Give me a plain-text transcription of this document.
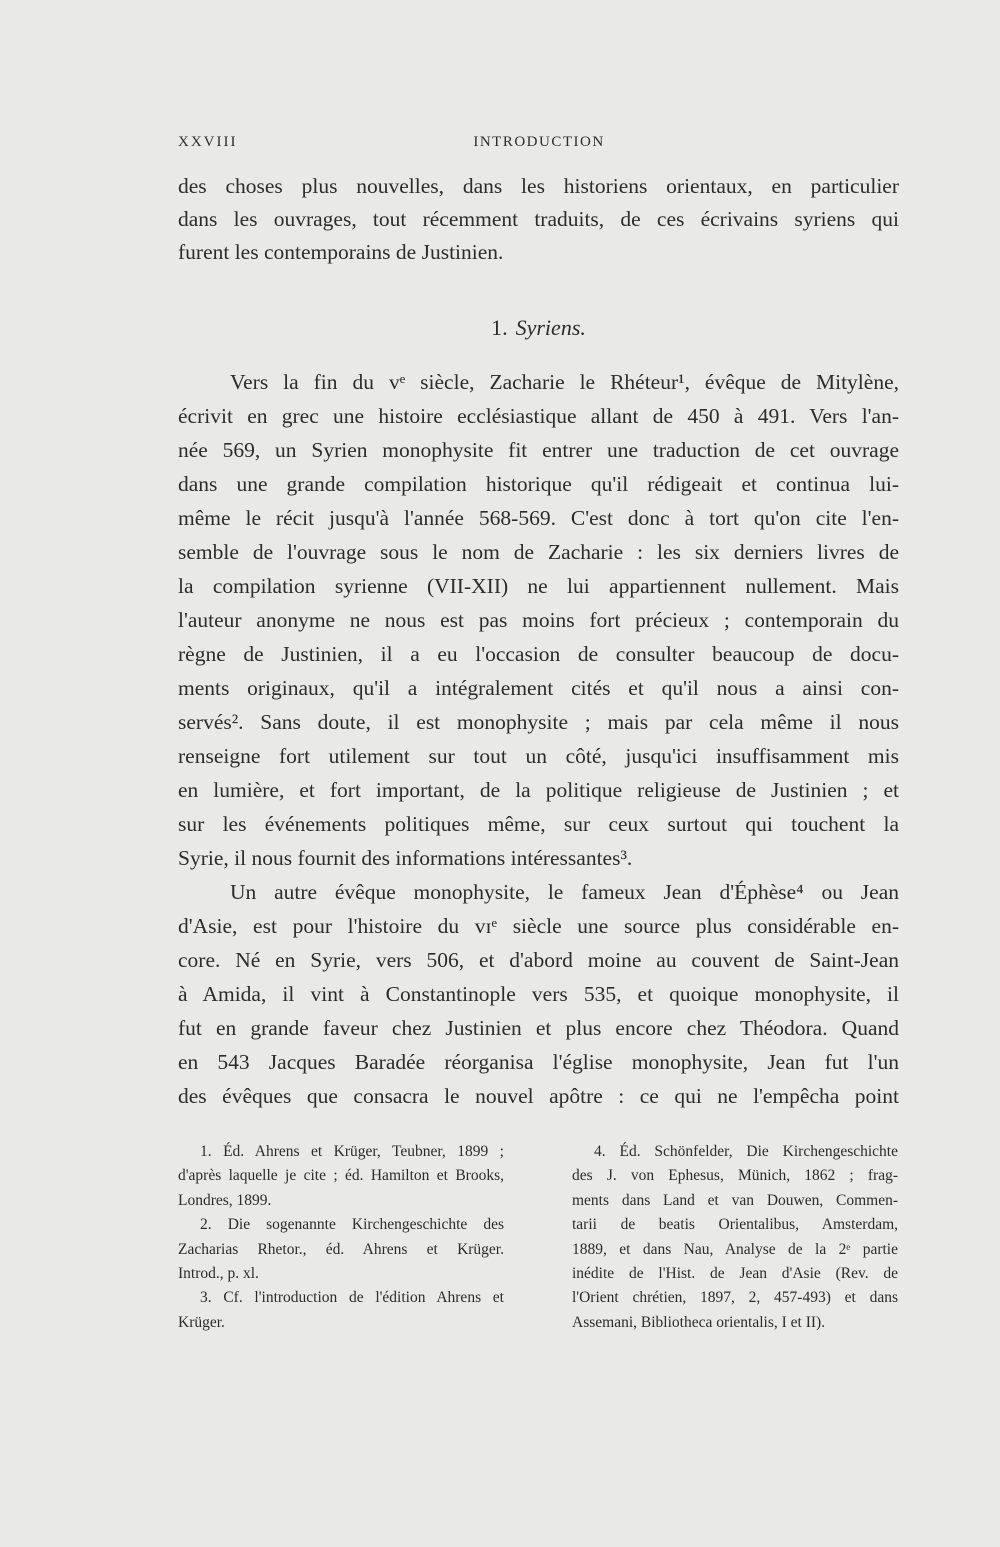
XXVIII	INTRODUCTION
des choses plus nouvelles, dans les historiens orientaux, en particulier
dans les ouvrages, tout récemment traduits, de ces écrivains syriens qui
furent les contemporains de Justinien.
1. Syriens.
Vers la fin du vᵉ siècle, Zacharie le Rhéteur¹, évêque de Mitylène,
écrivit en grec une histoire ecclésiastique allant de 450 à 491. Vers l'an-
née 569, un Syrien monophysite fit entrer une traduction de cet ouvrage
dans une grande compilation historique qu'il rédigeait et continua lui-
même le récit jusqu'à l'année 568-569. C'est donc à tort qu'on cite l'en-
semble de l'ouvrage sous le nom de Zacharie : les six derniers livres de
la compilation syrienne (VII-XII) ne lui appartiennent nullement. Mais
l'auteur anonyme ne nous est pas moins fort précieux ; contemporain du
règne de Justinien, il a eu l'occasion de consulter beaucoup de docu-
ments originaux, qu'il a intégralement cités et qu'il nous a ainsi con-
servés². Sans doute, il est monophysite ; mais par cela même il nous
renseigne fort utilement sur tout un côté, jusqu'ici insuffisamment mis
en lumière, et fort important, de la politique religieuse de Justinien ; et
sur les événements politiques même, sur ceux surtout qui touchent la
Syrie, il nous fournit des informations intéressantes³.
Un autre évêque monophysite, le fameux Jean d'Éphèse⁴ ou Jean
d'Asie, est pour l'histoire du vɪᵉ siècle une source plus considérable en-
core. Né en Syrie, vers 506, et d'abord moine au couvent de Saint-Jean
à Amida, il vint à Constantinople vers 535, et quoique monophysite, il
fut en grande faveur chez Justinien et plus encore chez Théodora. Quand
en 543 Jacques Baradée réorganisa l'église monophysite, Jean fut l'un
des évêques que consacra le nouvel apôtre : ce qui ne l'empêcha point
1. Éd. Ahrens et Krüger, Teubner, 1899 ;
d'après laquelle je cite ; éd. Hamilton et Brooks,
Londres, 1899.
2. Die sogenannte Kirchengeschichte des
Zacharias Rhetor., éd. Ahrens et Krüger.
Introd., p. xl.
3. Cf. l'introduction de l'édition Ahrens et
Krüger.
4. Éd. Schönfelder, Die Kirchengeschichte
des J. von Ephesus, Münich, 1862 ; frag-
ments dans Land et van Douwen, Commen-
tarii de beatis Orientalibus, Amsterdam,
1889, et dans Nau, Analyse de la 2ᵉ partie
inédite de l'Hist. de Jean d'Asie (Rev. de
l'Orient chrétien, 1897, 2, 457-493) et dans
Assemani, Bibliotheca orientalis, I et II).
